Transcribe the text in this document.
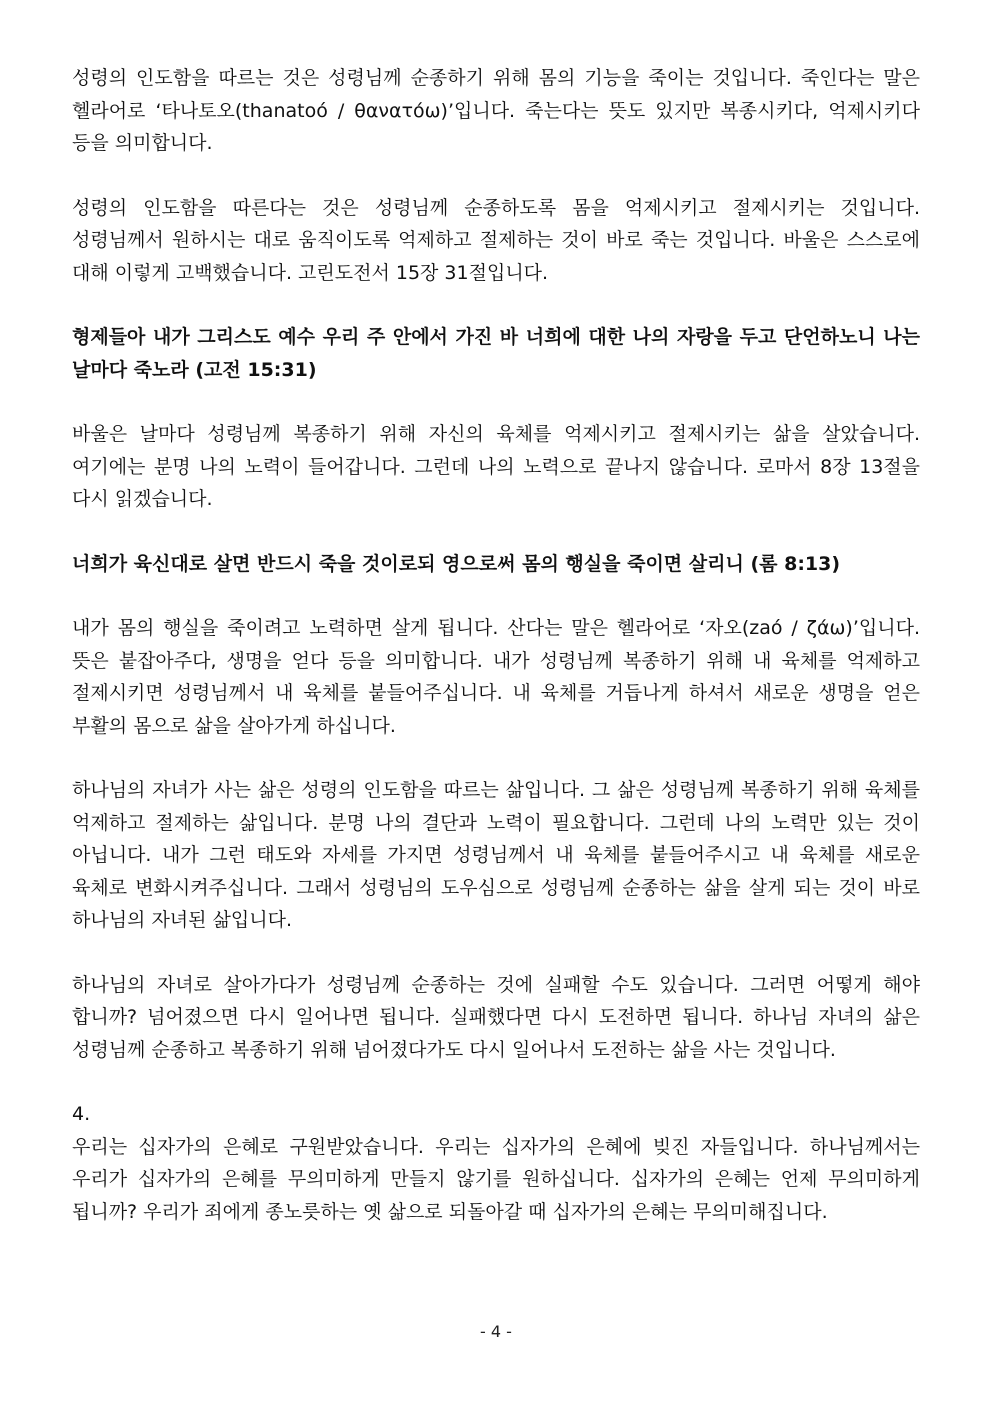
성령의 인도함을 따르는 것은 성령님께 순종하기 위해 몸의 기능을 죽이는 것입니다. 죽인다는 말은 헬라어로 ‘타나토오(thanatoó / θανατόω)’입니다. 죽는다는 뜻도 있지만 복종시키다, 억제시키다 등을 의미합니다.

성령의 인도함을 따른다는 것은 성령님께 순종하도록 몸을 억제시키고 절제시키는 것입니다. 성령님께서 원하시는 대로 움직이도록 억제하고 절제하는 것이 바로 죽는 것입니다. 바울은 스스로에 대해 이렇게 고백했습니다. 고린도전서 15장 31절입니다.

형제들아 내가 그리스도 예수 우리 주 안에서 가진 바 너희에 대한 나의 자랑을 두고 단언하노니 나는 날마다 죽노라 (고전 15:31)

바울은 날마다 성령님께 복종하기 위해 자신의 육체를 억제시키고 절제시키는 삶을 살았습니다. 여기에는 분명 나의 노력이 들어갑니다. 그런데 나의 노력으로 끝나지 않습니다. 로마서 8장 13절을 다시 읽겠습니다.

너희가 육신대로 살면 반드시 죽을 것이로되 영으로써 몸의 행실을 죽이면 살리니 (롬 8:13)

내가 몸의 행실을 죽이려고 노력하면 살게 됩니다. 산다는 말은 헬라어로 ‘자오(zaó / ζάω)’입니다. 뜻은 붙잡아주다, 생명을 얻다 등을 의미합니다. 내가 성령님께 복종하기 위해 내 육체를 억제하고 절제시키면 성령님께서 내 육체를 붙들어주십니다. 내 육체를 거듭나게 하셔서 새로운 생명을 얻은 부활의 몸으로 삶을 살아가게 하십니다.

하나님의 자녀가 사는 삶은 성령의 인도함을 따르는 삶입니다. 그 삶은 성령님께 복종하기 위해 육체를 억제하고 절제하는 삶입니다. 분명 나의 결단과 노력이 필요합니다. 그런데 나의 노력만 있는 것이 아닙니다. 내가 그런 태도와 자세를 가지면 성령님께서 내 육체를 붙들어주시고 내 육체를 새로운 육체로 변화시켜주십니다. 그래서 성령님의 도우심으로 성령님께 순종하는 삶을 살게 되는 것이 바로 하나님의 자녀된 삶입니다.

하나님의 자녀로 살아가다가 성령님께 순종하는 것에 실패할 수도 있습니다. 그러면 어떻게 해야 합니까? 넘어졌으면 다시 일어나면 됩니다. 실패했다면 다시 도전하면 됩니다. 하나님 자녀의 삶은 성령님께 순종하고 복종하기 위해 넘어졌다가도 다시 일어나서 도전하는 삶을 사는 것입니다.

4.

우리는 십자가의 은혜로 구원받았습니다. 우리는 십자가의 은혜에 빚진 자들입니다. 하나님께서는 우리가 십자가의 은혜를 무의미하게 만들지 않기를 원하십니다. 십자가의 은혜는 언제 무의미하게 됩니까? 우리가 죄에게 종노릇하는 옛 삶으로 되돌아갈 때 십자가의 은혜는 무의미해집니다.

- 4 -
